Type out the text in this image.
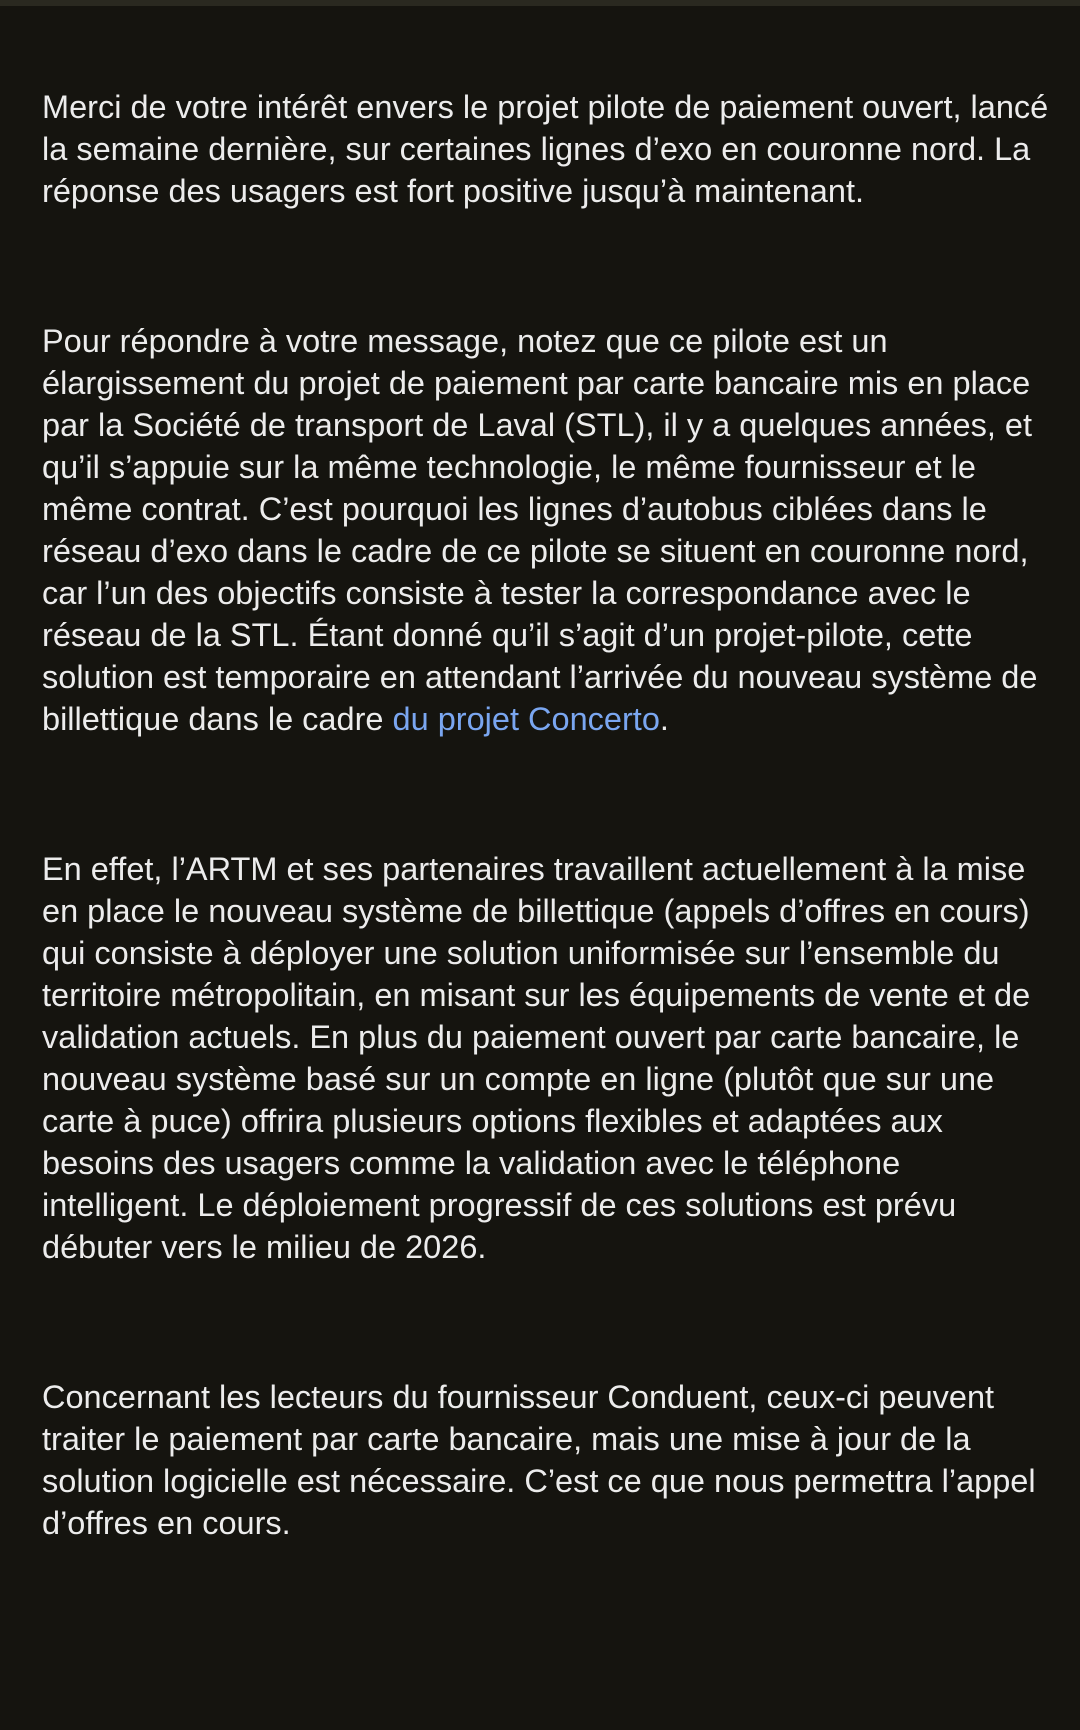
Merci de votre intérêt envers le projet pilote de paiement ouvert, lancé la semaine dernière, sur certaines lignes d’exo en couronne nord. La réponse des usagers est fort positive jusqu’à maintenant.

Pour répondre à votre message, notez que ce pilote est un élargissement du projet de paiement par carte bancaire mis en place par la Société de transport de Laval (STL), il y a quelques années, et qu’il s’appuie sur la même technologie, le même fournisseur et le même contrat. C’est pourquoi les lignes d’autobus ciblées dans le réseau d’exo dans le cadre de ce pilote se situent en couronne nord, car l’un des objectifs consiste à tester la correspondance avec le réseau de la STL. Étant donné qu’il s’agit d’un projet-pilote, cette solution est temporaire en attendant l’arrivée du nouveau système de billettique dans le cadre du projet Concerto.

En effet, l’ARTM et ses partenaires travaillent actuellement à la mise en place le nouveau système de billettique (appels d’offres en cours) qui consiste à déployer une solution uniformisée sur l’ensemble du territoire métropolitain, en misant sur les équipements de vente et de validation actuels. En plus du paiement ouvert par carte bancaire, le nouveau système basé sur un compte en ligne (plutôt que sur une carte à puce) offrira plusieurs options flexibles et adaptées aux besoins des usagers comme la validation avec le téléphone intelligent. Le déploiement progressif de ces solutions est prévu débuter vers le milieu de 2026.

Concernant les lecteurs du fournisseur Conduent, ceux-ci peuvent traiter le paiement par carte bancaire, mais une mise à jour de la solution logicielle est nécessaire. C’est ce que nous permettra l’appel d’offres en cours.
